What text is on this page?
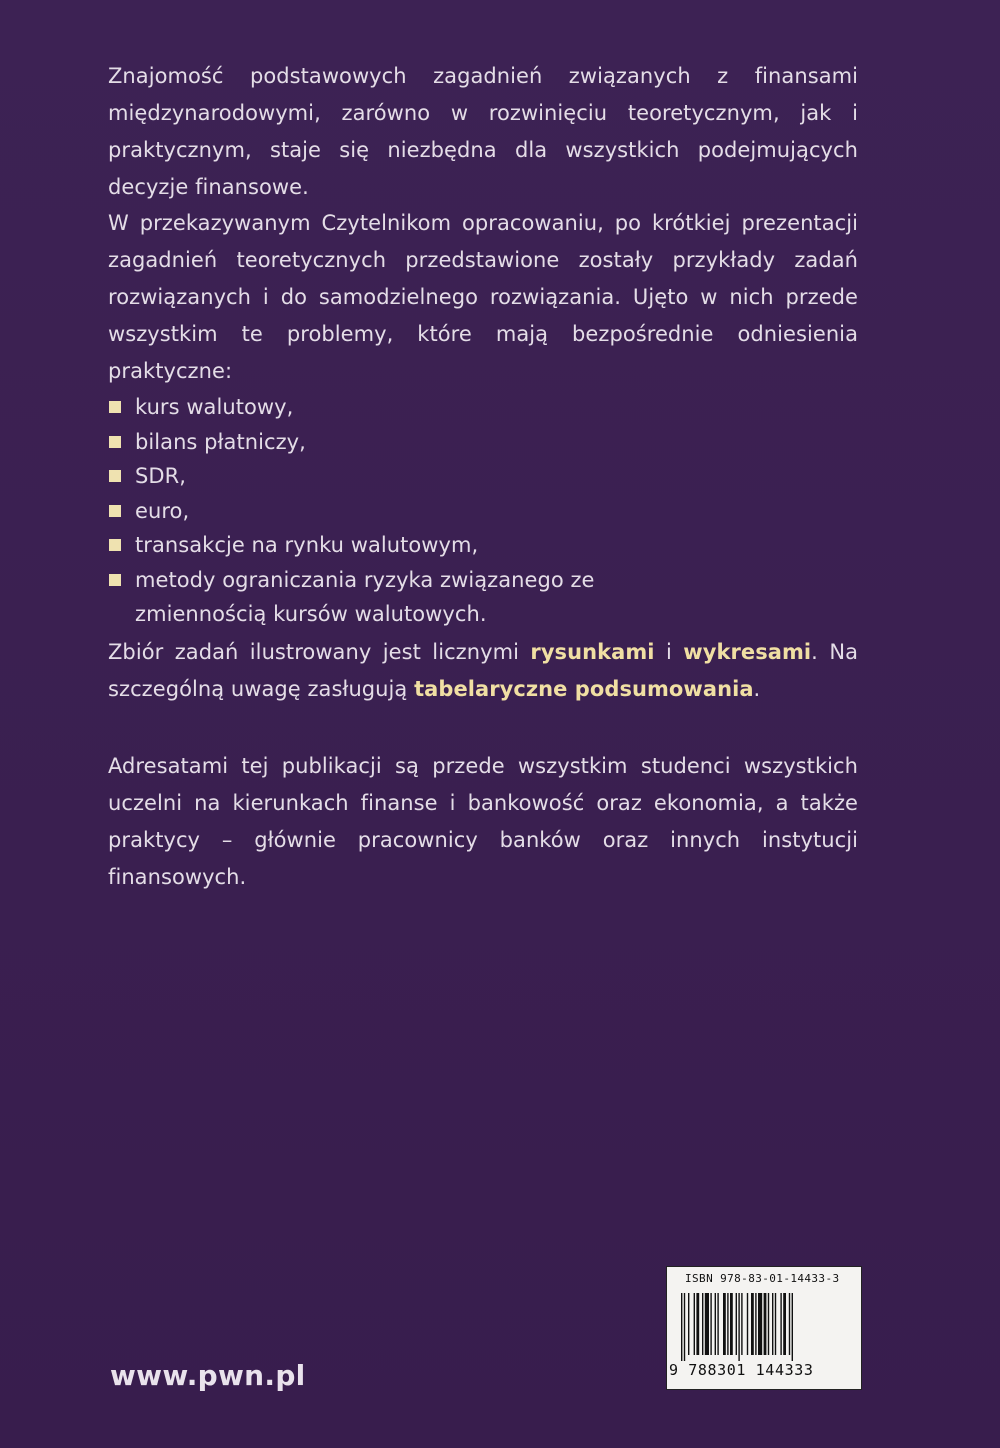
Znajomość podstawowych zagadnień związanych z finansami międzynarodowymi, zarówno w rozwinięciu teoretycznym, jak i praktycznym, staje się niezbędna dla wszystkich podejmujących decyzje finansowe.

W przekazywanym Czytelnikom opracowaniu, po krótkiej prezentacji zagadnień teoretycznych przedstawione zostały przykłady zadań rozwiązanych i do samodzielnego rozwiązania. Ujęto w nich przede wszystkim te problemy, które mają bezpośrednie odniesienia praktyczne:

kurs walutowy,
bilans płatniczy,
SDR,
euro,
transakcje na rynku walutowym,
metody ograniczania ryzyka związanego ze zmiennością kursów walutowych.

Zbiór zadań ilustrowany jest licznymi rysunkami i wykresami. Na szczególną uwagę zasługują tabelaryczne podsumowania.

Adresatami tej publikacji są przede wszystkim studenci wszystkich uczelni na kierunkach finanse i bankowość oraz ekonomia, a także praktycy – głównie pracownicy banków oraz innych instytucji finansowych.

www.pwn.pl
ISBN 978-83-01-14433-3
9 788301 144333
